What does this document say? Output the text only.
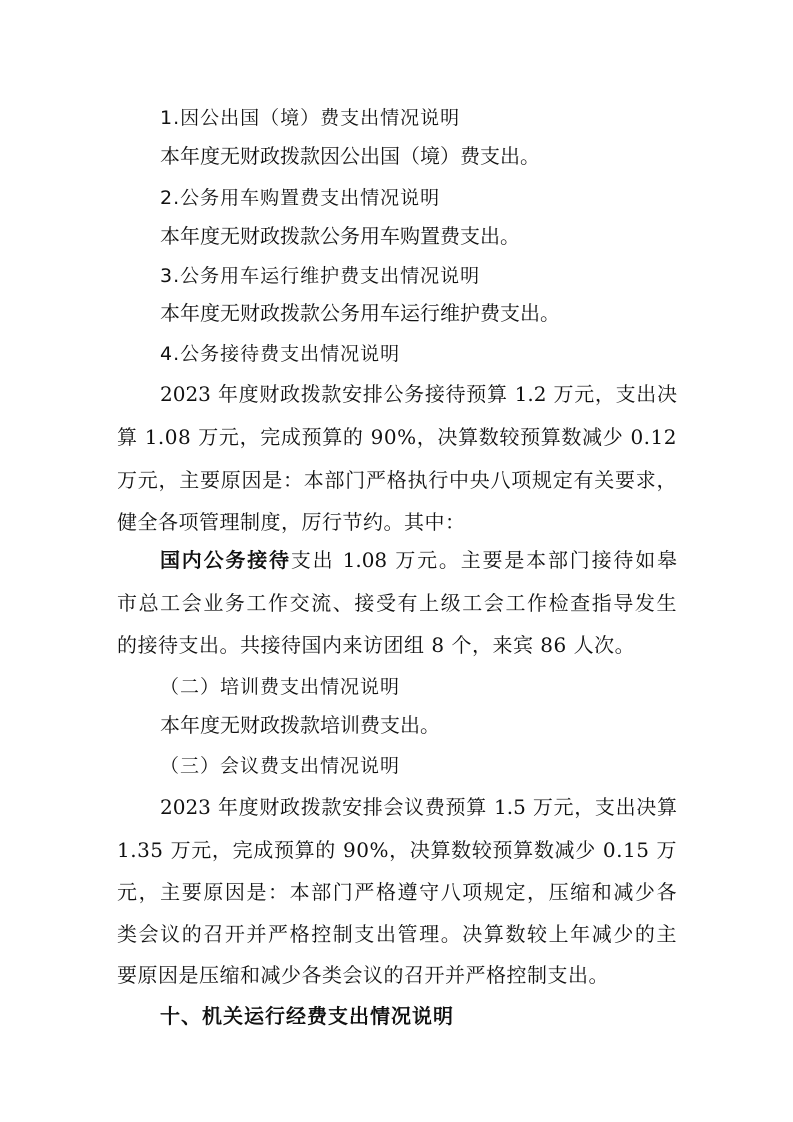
1.因公出国（境）费支出情况说明
本年度无财政拨款因公出国（境）费支出。
2.公务用车购置费支出情况说明
本年度无财政拨款公务用车购置费支出。
3.公务用车运行维护费支出情况说明
本年度无财政拨款公务用车运行维护费支出。
4.公务接待费支出情况说明
2023 年度财政拨款安排公务接待预算 1.2 万元，支出决
算 1.08 万元，完成预算的 90%，决算数较预算数减少 0.12
万元，主要原因是：本部门严格执行中央八项规定有关要求，
健全各项管理制度，厉行节约。其中：
国内公务接待支出 1.08 万元。主要是本部门接待如皋
市总工会业务工作交流、接受有上级工会工作检查指导发生
的接待支出。共接待国内来访团组 8 个，来宾 86 人次。
（二）培训费支出情况说明
本年度无财政拨款培训费支出。
（三）会议费支出情况说明
2023 年度财政拨款安排会议费预算 1.5 万元，支出决算
1.35 万元，完成预算的 90%，决算数较预算数减少 0.15 万
元，主要原因是：本部门严格遵守八项规定，压缩和减少各
类会议的召开并严格控制支出管理。决算数较上年减少的主
要原因是压缩和减少各类会议的召开并严格控制支出。
十、机关运行经费支出情况说明
